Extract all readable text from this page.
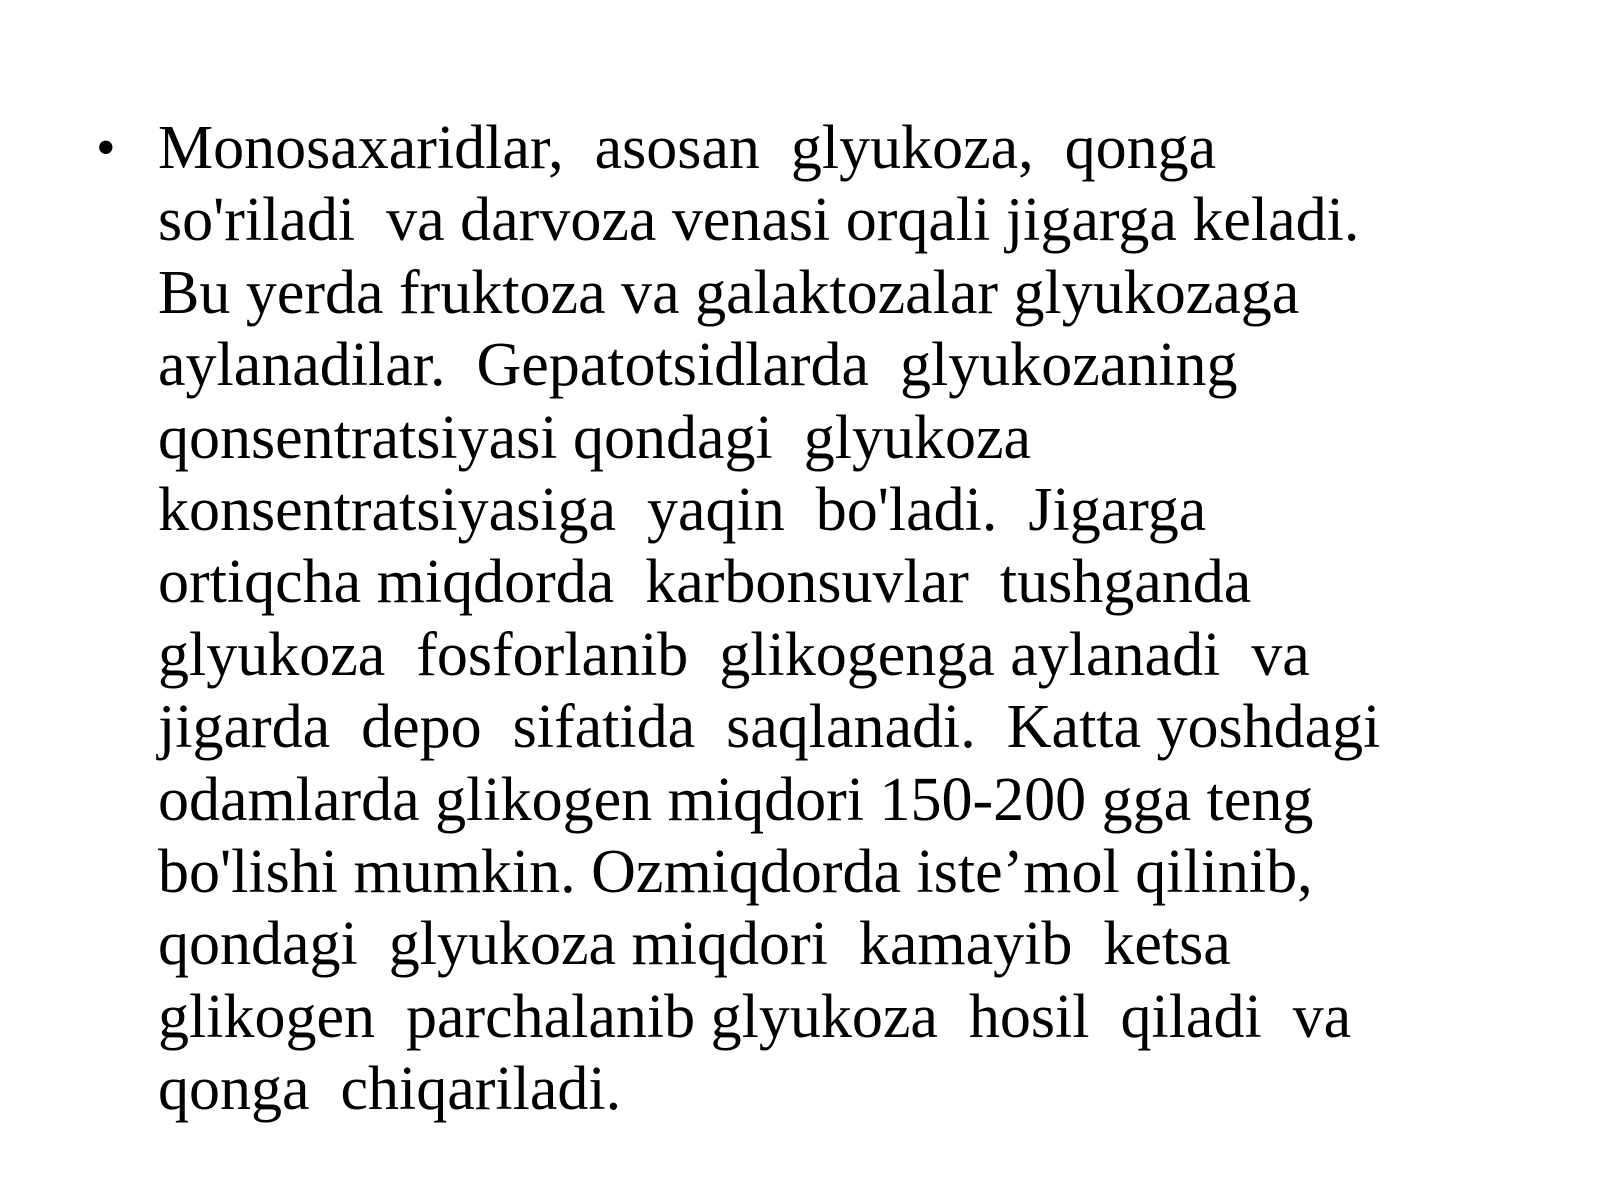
• Monosaxaridlar,  asosan  glyukoza,  qonga
so'riladi  va darvoza venasi orqali jigarga keladi.
Bu yerda fruktoza va galaktozalar glyukozaga
aylanadilar.  Gepatotsidlarda  glyukozaning
qonsentratsiyasi qondagi  glyukoza
konsentratsiyasiga  yaqin  bo'ladi.  Jigarga
ortiqcha miqdorda  karbonsuvlar  tushganda
glyukoza  fosforlanib  glikogenga aylanadi  va
jigarda  depo  sifatida  saqlanadi.  Katta yoshdagi
odamlarda glikogen miqdori 150-200 gga teng
bo'lishi mumkin. Ozmiqdorda iste’mol qilinib,
qondagi  glyukoza miqdori  kamayib  ketsa
glikogen  parchalanib glyukoza  hosil  qiladi  va
qonga  chiqariladi.
